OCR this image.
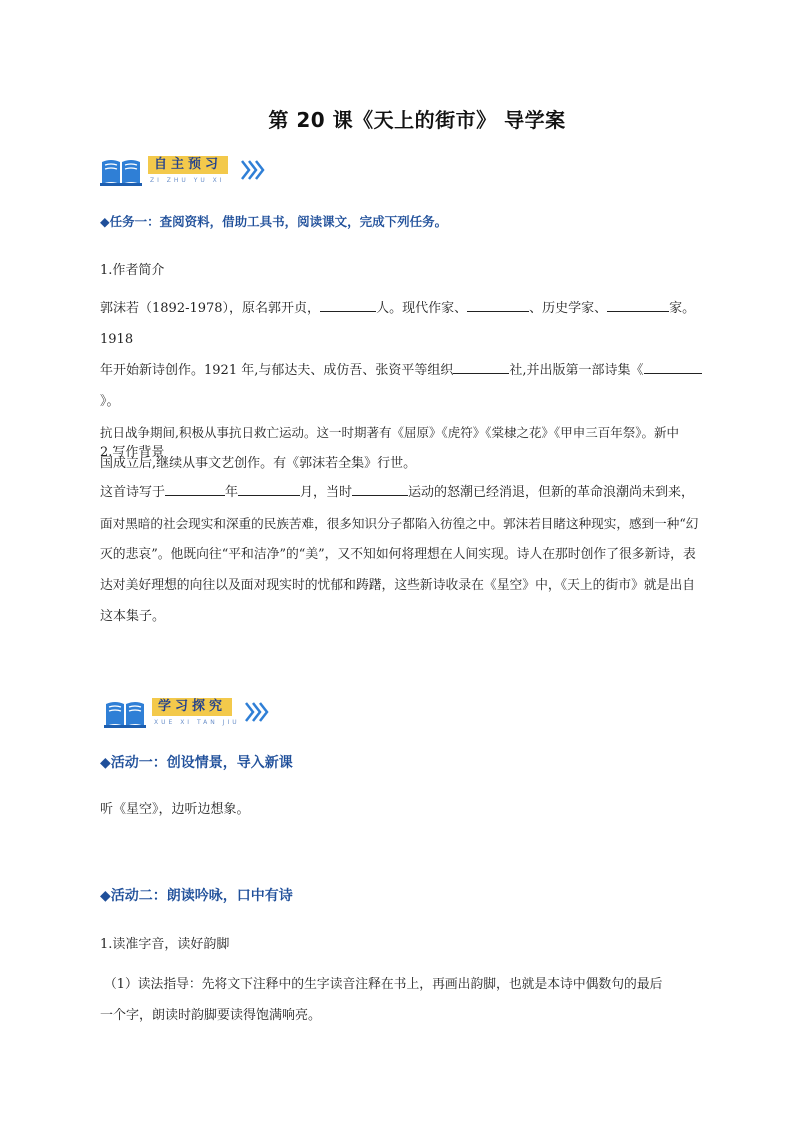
第 20 课《天上的街市》 导学案
自主预习
ZI ZHU YU XI
◆任务一：查阅资料，借助工具书，阅读课文，完成下列任务。
1.作者简介
郭沫若（1892-1978），原名郭开贞，	人。现代作家、	、历史学家、	家。1918
年开始新诗创作。1921 年,与郁达夫、成仿吾、张资平等组织	社,并出版第一部诗集《》。
抗日战争期间,积极从事抗日救亡运动。这一时期著有《屈原》《虎符》《棠棣之花》《甲申三百年祭》。新中
国成立后,继续从事文艺创作。有《郭沫若全集》行世。
2.写作背景
这首诗写于	年	月，当时	运动的怒潮已经消退，但新的革命浪潮尚未到来，
面对黑暗的社会现实和深重的民族苦难，很多知识分子都陷入彷徨之中。郭沫若目睹这种现实，感到一种“幻
灭的悲哀”。他既向往“平和洁净”的“美”，又不知如何将理想在人间实现。诗人在那时创作了很多新诗，表
达对美好理想的向往以及面对现实时的忧郁和踌躇，这些新诗收录在《星空》中，《天上的街市》就是出自
这本集子。
学习探究
XUE XI TAN JIU
◆活动一：创设情景，导入新课
听《星空》，边听边想象。
◆活动二：朗读吟咏，口中有诗
1.读准字音，读好韵脚
（1）读法指导：先将文下注释中的生字读音注释在书上，再画出韵脚，也就是本诗中偶数句的最后
一个字，朗读时韵脚要读得饱满响亮。
